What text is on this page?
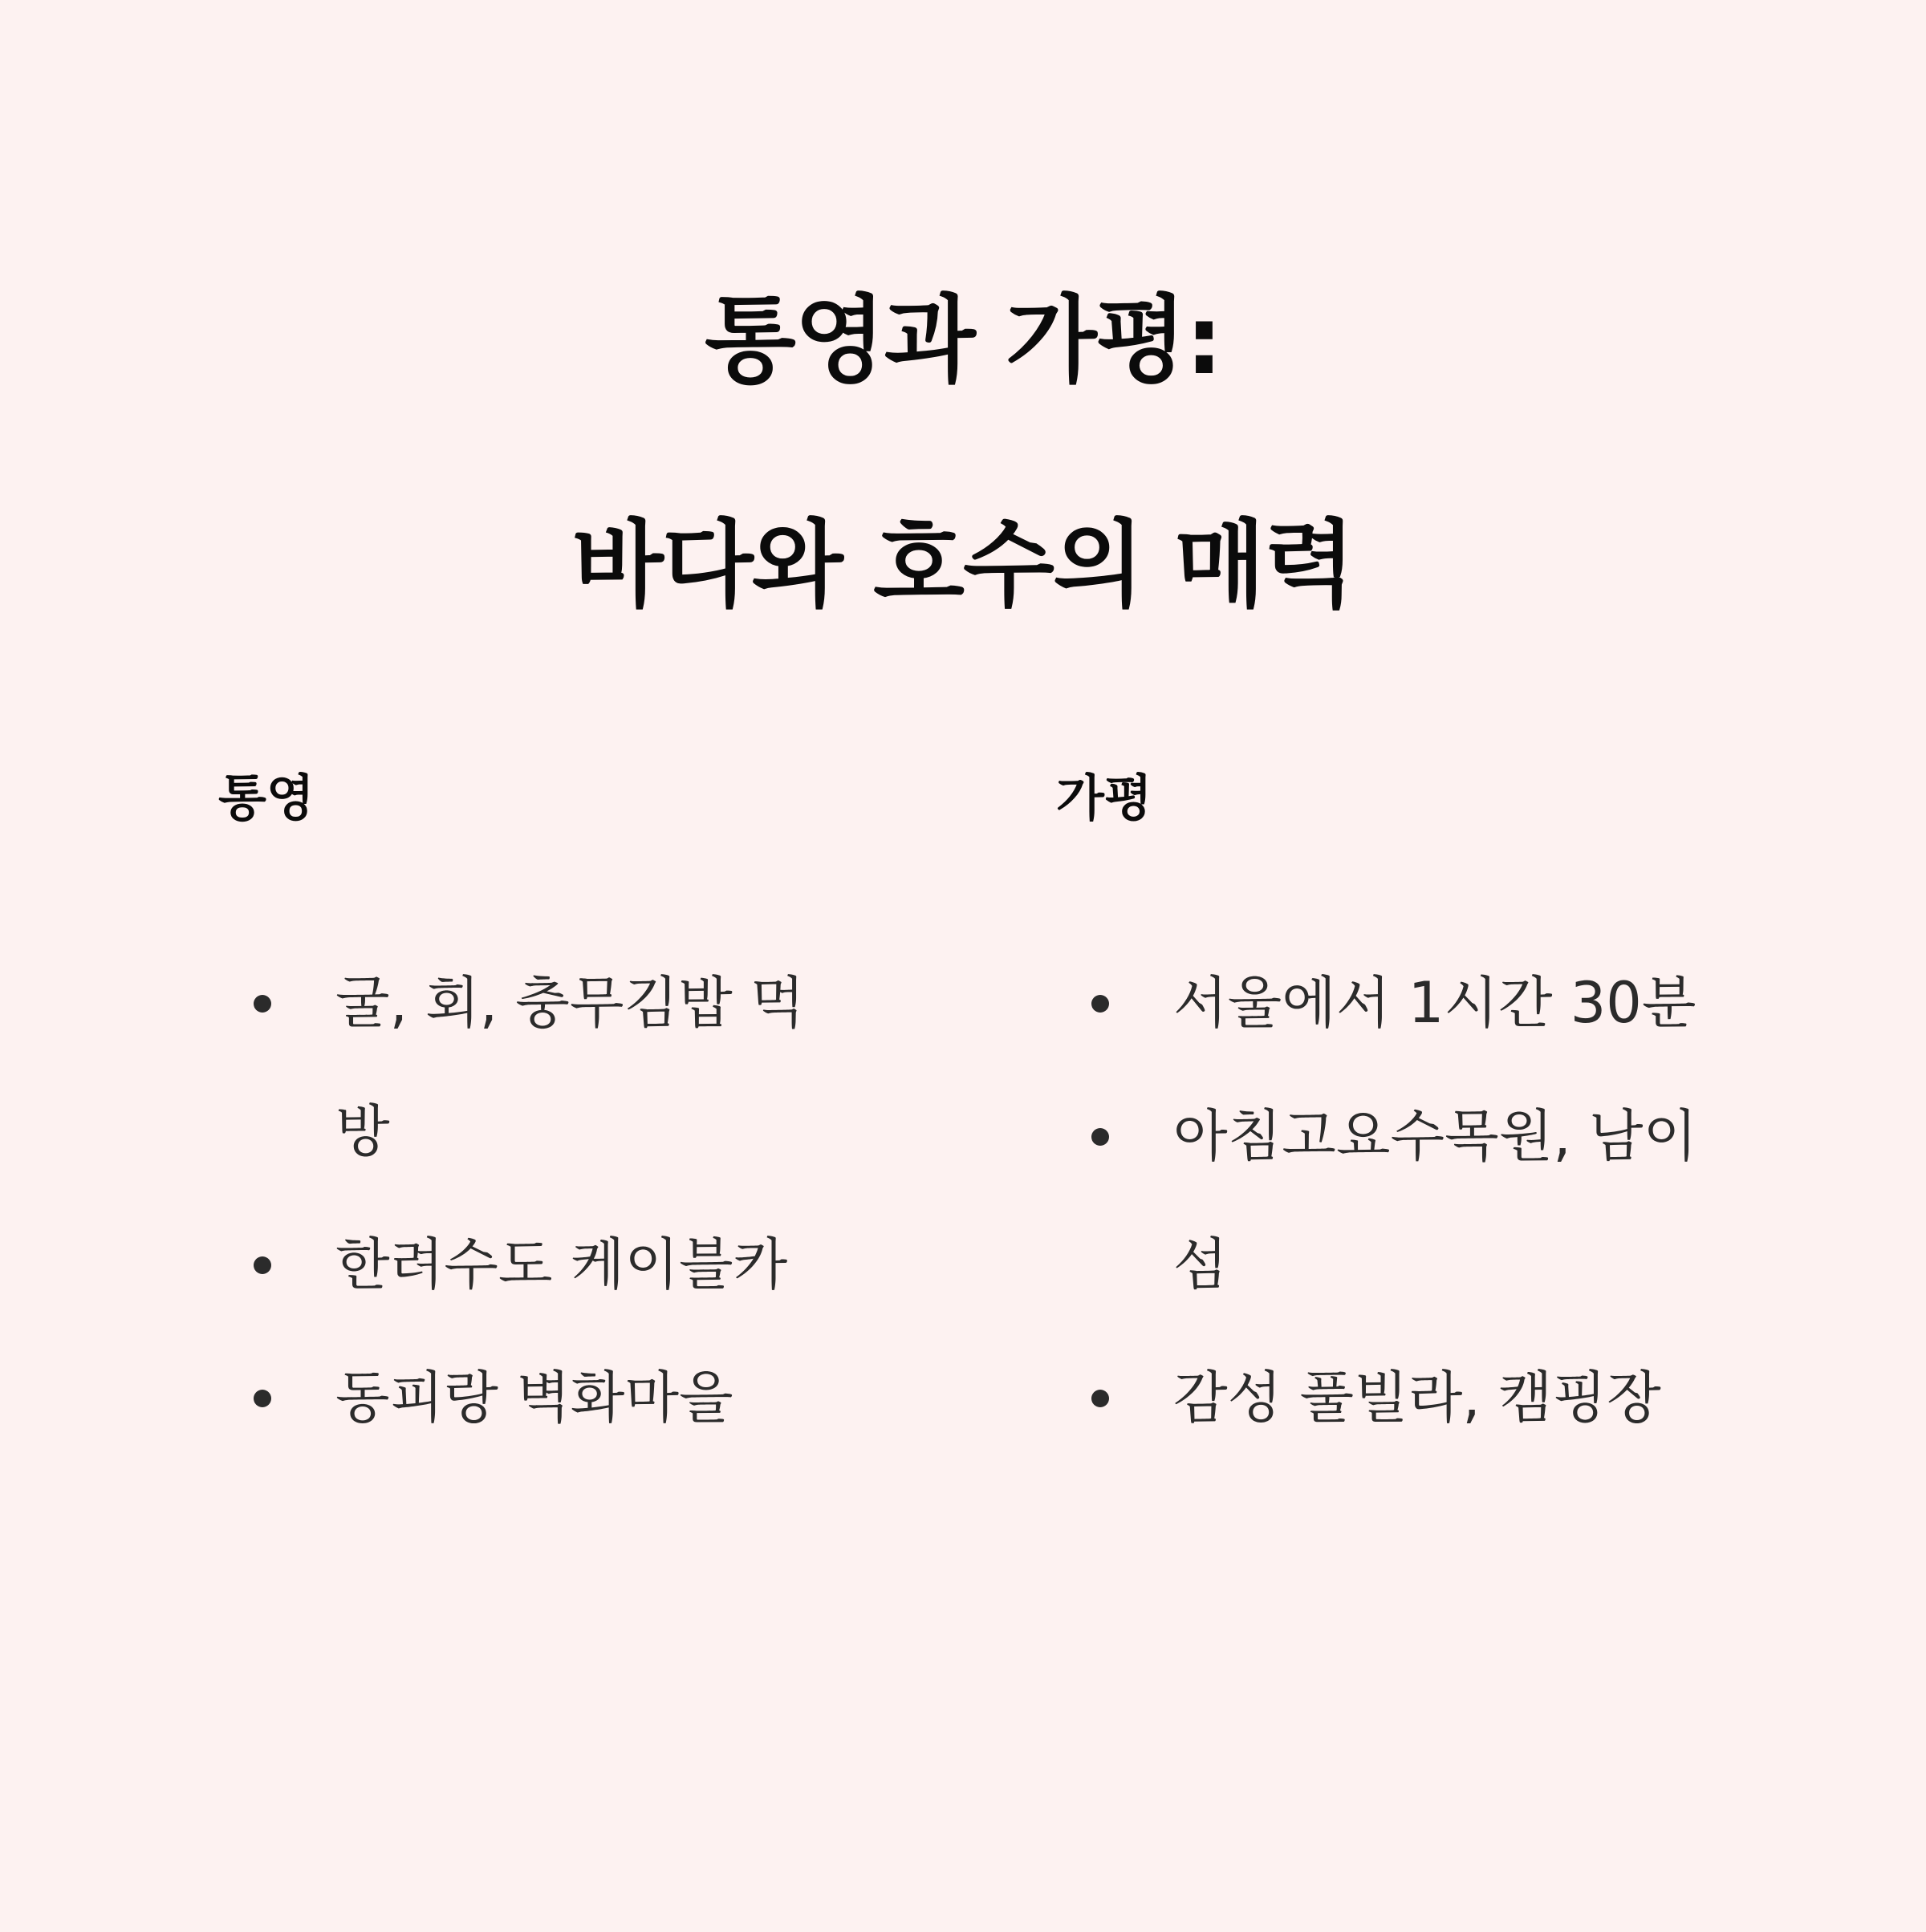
통영과 가평:
바다와 호수의 매력
통영
굴, 회, 충무김밥 먹방
한려수도 케이블카
동피랑 벽화마을
가평
서울에서 1시간 30분
아침고요수목원, 남이섬
감성 풀빌라, 캠핑장
